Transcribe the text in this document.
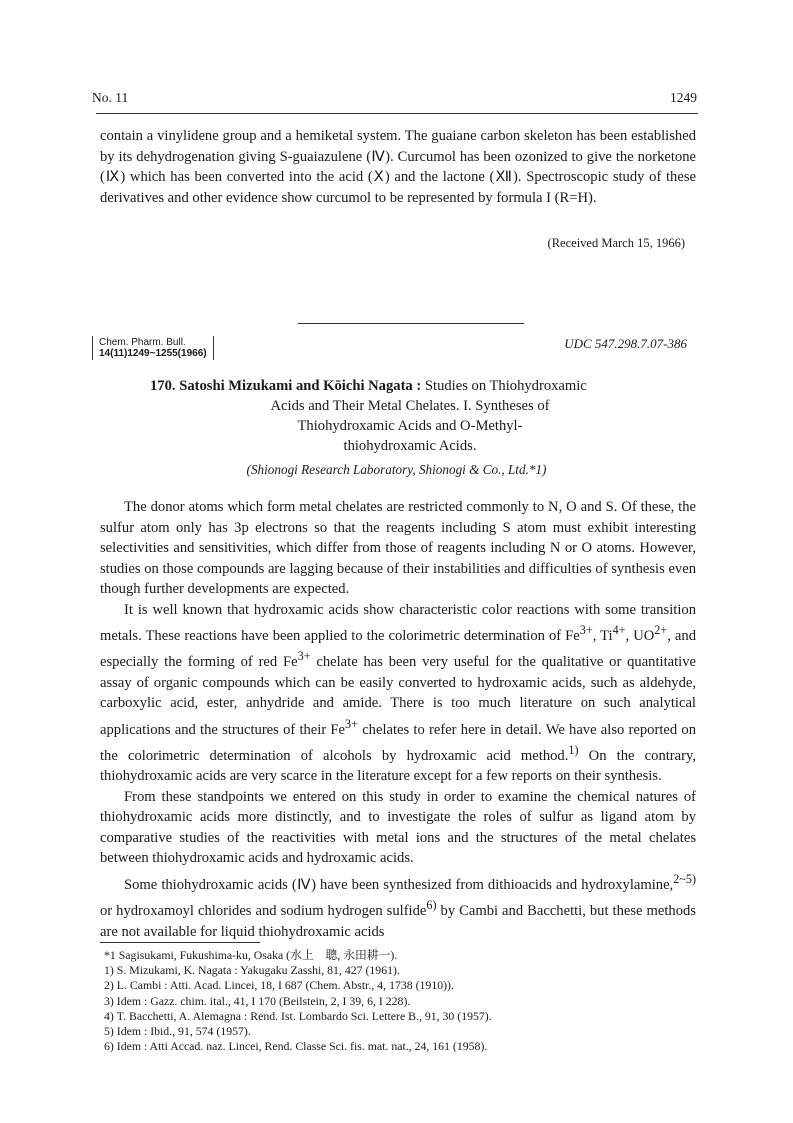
No. 11	1249

contain a vinylidene group and a hemiketal system. The guaiane carbon skeleton has been established by its dehydrogenation giving S-guaiazulene (Ⅳ). Curcumol has been ozonized to give the norketone (Ⅸ) which has been converted into the acid (Ⅹ) and the lactone (Ⅻ). Spectroscopic study of these derivatives and other evidence show curcumol to be represented by formula I (R=H).

(Received March 15, 1966)
Chem. Pharm. Bull.
14(11)1249~1255(1966)
UDC 547.298.7.07-386
170. Satoshi Mizukami and Kōichi Nagata : Studies on Thiohydroxamic
Acids and Their Metal Chelates. I. Syntheses of
Thiohydroxamic Acids and O-Methyl-
thiohydroxamic Acids.
(Shionogi Research Laboratory, Shionogi & Co., Ltd.*1)

The donor atoms which form metal chelates are restricted commonly to N, O and S. Of these, the sulfur atom only has 3p electrons so that the reagents including S atom must exhibit interesting selectivities and sensitivities, which differ from those of reagents including N or O atoms. However, studies on those compounds are lagging because of their instabilities and difficulties of synthesis even though further developments are expected.

It is well known that hydroxamic acids show characteristic color reactions with some transition metals. These reactions have been applied to the colorimetric determination of $Fe^{3+}$, $Ti^{4+}$, $UO^{2+}$, and especially the forming of red $Fe^{3+}$ chelate has been very useful for the qualitative or quantitative assay of organic compounds which can be easily converted to hydroxamic acids, such as aldehyde, carboxylic acid, ester, anhydride and amide. There is too much literature on such analytical applications and the structures of their $Fe^{3+}$ chelates to refer here in detail. We have also reported on the colorimetric determination of alcohols by hydroxamic acid method.$^{1)}$ On the contrary, thiohydroxamic acids are very scarce in the literature except for a few reports on their synthesis.

From these standpoints we entered on this study in order to examine the chemical natures of thiohydroxamic acids more distinctly, and to investigate the roles of sulfur as ligand atom by comparative studies of the reactivities with metal ions and the structures of the metal chelates between thiohydroxamic acids and hydroxamic acids.

Some thiohydroxamic acids (Ⅳ) have been synthesized from dithioacids and hydroxylamine,$^{2\sim 5)}$ or hydroxamoyl chlorides and sodium hydrogen sulfide$^{6)}$ by Cambi and Bacchetti, but these methods are not available for liquid thiohydroxamic acids

*1 Sagisukami, Fukushima-ku, Osaka (水上　聰, 永田耕一).
1) S. Mizukami, K. Nagata : Yakugaku Zasshi, 81, 427 (1961).
2) L. Cambi : Atti. Acad. Lincei, 18, I 687 (Chem. Abstr., 4, 1738 (1910)).
3) Idem : Gazz. chim. ital., 41, I 170 (Beilstein, 2, I 39, 6, I 228).
4) T. Bacchetti, A. Alemagna : Rend. Ist. Lombardo Sci. Lettere B., 91, 30 (1957).
5) Idem : Ibid., 91, 574 (1957).
6) Idem : Atti Accad. naz. Lincei, Rend. Classe Sci. fis. mat. nat., 24, 161 (1958).
